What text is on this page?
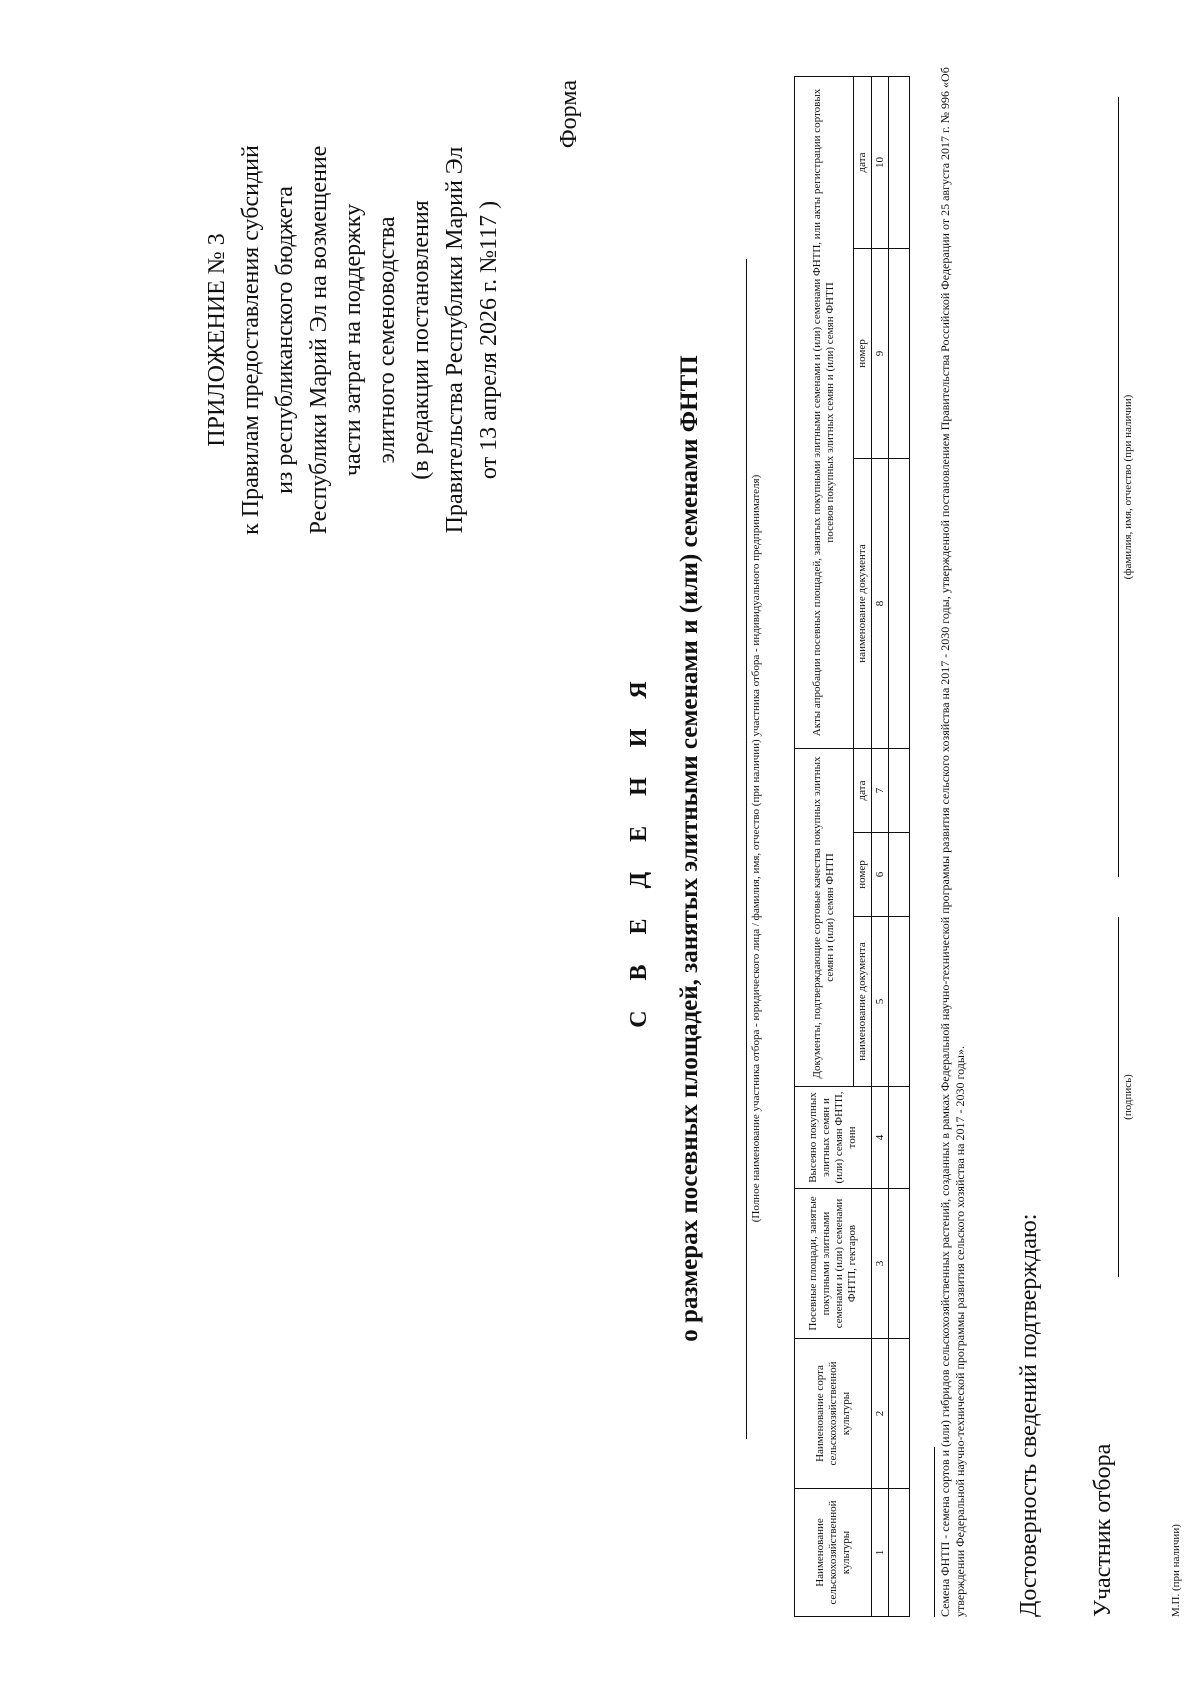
ПРИЛОЖЕНИЕ № 3 к Правилам предоставления субсидий из республиканского бюджета Республики Марий Эл на возмещение части затрат на поддержку элитного семеноводства (в редакции постановления Правительства Республики Марий Эл от 13 апреля 2026 г. №117 )
Форма
С В Е Д Е Н И Я о размерах посевных площадей, занятых элитными семенами и (или) семенами ФНТП	(Полное наименование участника отбора - юридического лица / фамилия, имя, отчество (при наличии) участника отбора - индивидуального предпринимателя)
Наименование сельскохозяйственной культуры	Наименование сорта сельскохозяйственной культуры	Посевные площади, занятые покупными элитными семенами и (или) семенами ФНТП, гектаров	Высеяно покупных элитных семян и (или) семян ФНТП, тонн	Документы, подтверждающие сортовые качества покупных элитных семян и (или) семян ФНТП			Акты апробации посевных площадей, занятых покупными элитными семенами и (или) семенами ФНТП, или акты регистрации сортовых посевов покупных элитных семян и (или) семян ФНТП		
				наименование документа	номер	дата	наименование документа	номер	дата
1	2	3	4	5	6	7	8	9	10
										Семена ФНТП - семена сортов и (или) гибридов сельскохозяйственных растений, созданных в рамках Федеральной научно-технической программы развития сельского хозяйства на 2017 - 2030 годы, утвержденной постановлением Правительства Российской Федерации от 25 августа 2017 г. № 996 «Об утверждении Федеральной научно-технической программы развития сельского хозяйства на 2017 - 2030 годы». Достоверность сведений подтверждаю: Участник отбора
(подпись)
(фамилия, имя, отчество (при наличии)
М.П. (при наличии)
